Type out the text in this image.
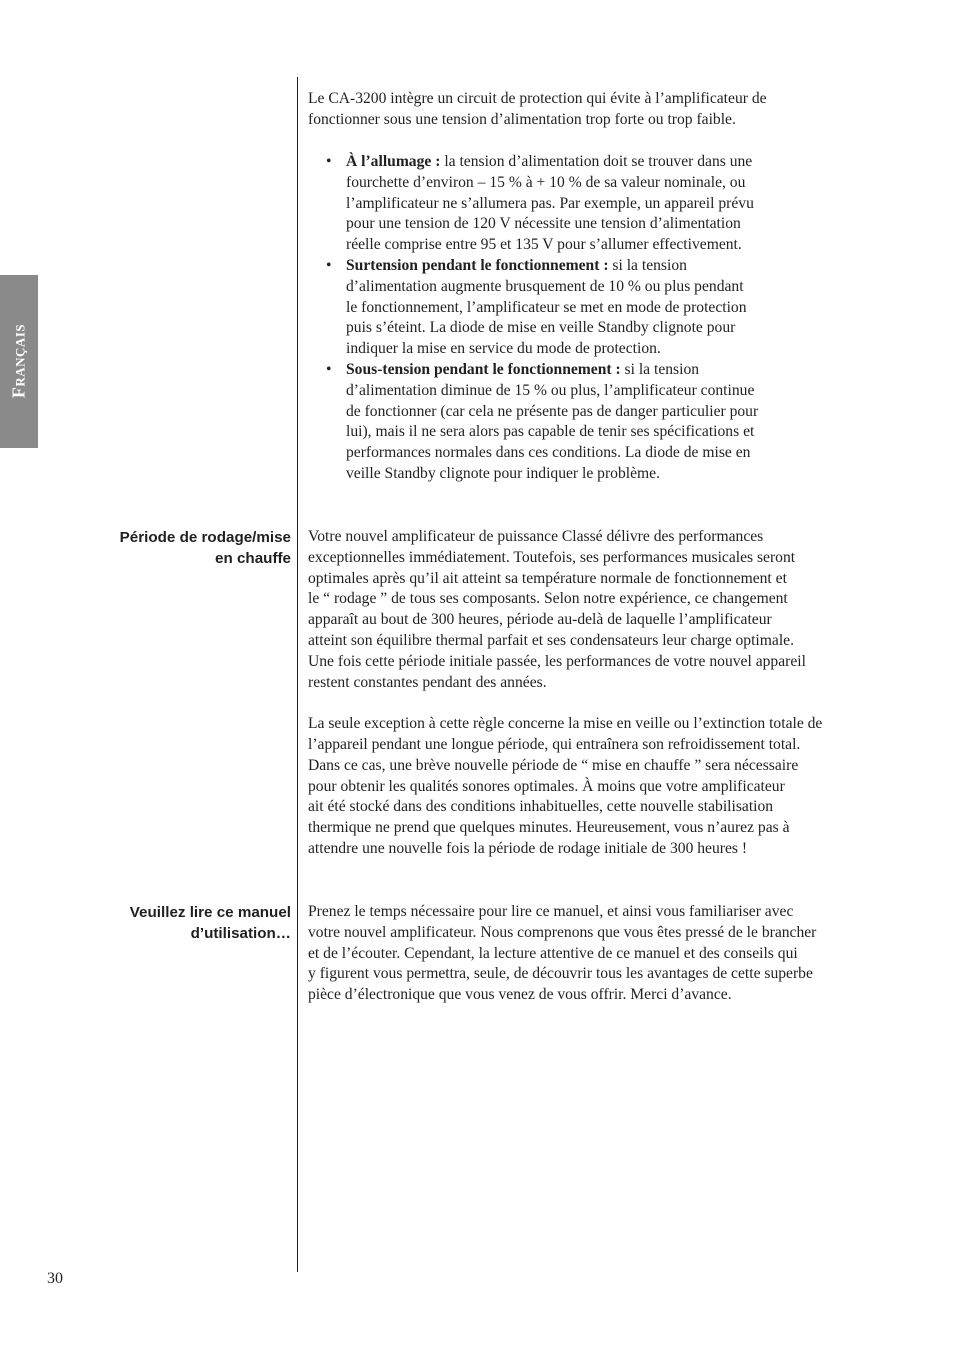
Français

Le CA-3200 intègre un circuit de protection qui évite à l’amplificateur de
fonctionner sous une tension d’alimentation trop forte ou trop faible.

• À l’allumage : la tension d’alimentation doit se trouver dans une
fourchette d’environ – 15 % à + 10 % de sa valeur nominale, ou
l’amplificateur ne s’allumera pas. Par exemple, un appareil prévu
pour une tension de 120 V nécessite une tension d’alimentation
réelle comprise entre 95 et 135 V pour s’allumer effectivement.
• Surtension pendant le fonctionnement : si la tension
d’alimentation augmente brusquement de 10 % ou plus pendant
le fonctionnement, l’amplificateur se met en mode de protection
puis s’éteint. La diode de mise en veille Standby clignote pour
indiquer la mise en service du mode de protection.
• Sous-tension pendant le fonctionnement : si la tension
d’alimentation diminue de 15 % ou plus, l’amplificateur continue
de fonctionner (car cela ne présente pas de danger particulier pour
lui), mais il ne sera alors pas capable de tenir ses spécifications et
performances normales dans ces conditions. La diode de mise en
veille Standby clignote pour indiquer le problème.
Période de rodage/mise
en chauffe

Votre nouvel amplificateur de puissance Classé délivre des performances
exceptionnelles immédiatement. Toutefois, ses performances musicales seront
optimales après qu’il ait atteint sa température normale de fonctionnement et
le “ rodage ” de tous ses composants. Selon notre expérience, ce changement
apparaît au bout de 300 heures, période au-delà de laquelle l’amplificateur
atteint son équilibre thermal parfait et ses condensateurs leur charge optimale.
Une fois cette période initiale passée, les performances de votre nouvel appareil
restent constantes pendant des années.

La seule exception à cette règle concerne la mise en veille ou l’extinction totale de
l’appareil pendant une longue période, qui entraînera son refroidissement total.
Dans ce cas, une brève nouvelle période de “ mise en chauffe ” sera nécessaire
pour obtenir les qualités sonores optimales. À moins que votre amplificateur
ait été stocké dans des conditions inhabituelles, cette nouvelle stabilisation
thermique ne prend que quelques minutes. Heureusement, vous n’aurez pas à
attendre une nouvelle fois la période de rodage initiale de 300 heures !

Veuillez lire ce manuel
d’utilisation…

Prenez le temps nécessaire pour lire ce manuel, et ainsi vous familiariser avec
votre nouvel amplificateur. Nous comprenons que vous êtes pressé de le brancher
et de l’écouter. Cependant, la lecture attentive de ce manuel et des conseils qui
y figurent vous permettra, seule, de découvrir tous les avantages de cette superbe
pièce d’électronique que vous venez de vous offrir. Merci d’avance.

30
